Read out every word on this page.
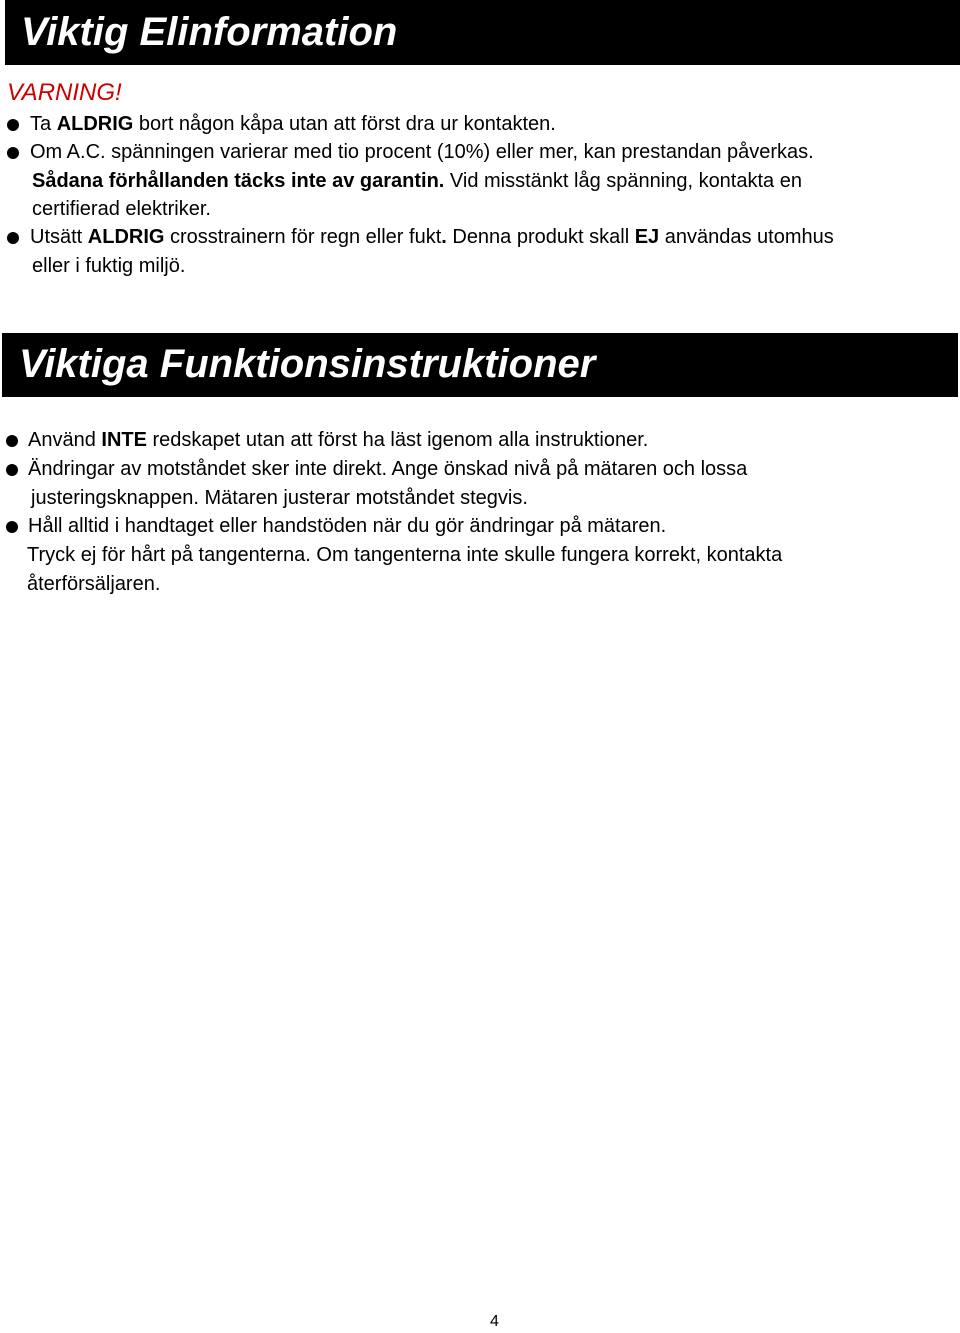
Viktig Elinformation
VARNING!
Ta ALDRIG bort någon kåpa utan att först dra ur kontakten.
Om A.C. spänningen varierar med tio procent (10%) eller mer, kan prestandan påverkas.
Sådana förhållanden täcks inte av garantin. Vid misstänkt låg spänning, kontakta en
certifierad elektriker.
Utsätt ALDRIG crosstrainern för regn eller fukt. Denna produkt skall EJ användas utomhus
eller i fuktig miljö.
Viktiga Funktionsinstruktioner
Använd INTE redskapet utan att först ha läst igenom alla instruktioner.
Ändringar av motståndet sker inte direkt. Ange önskad nivå på mätaren och lossa
justeringsknappen. Mätaren justerar motståndet stegvis.
Håll alltid i handtaget eller handstöden när du gör ändringar på mätaren.
Tryck ej för hårt på tangenterna. Om tangenterna inte skulle fungera korrekt, kontakta
återförsäljaren.
4
